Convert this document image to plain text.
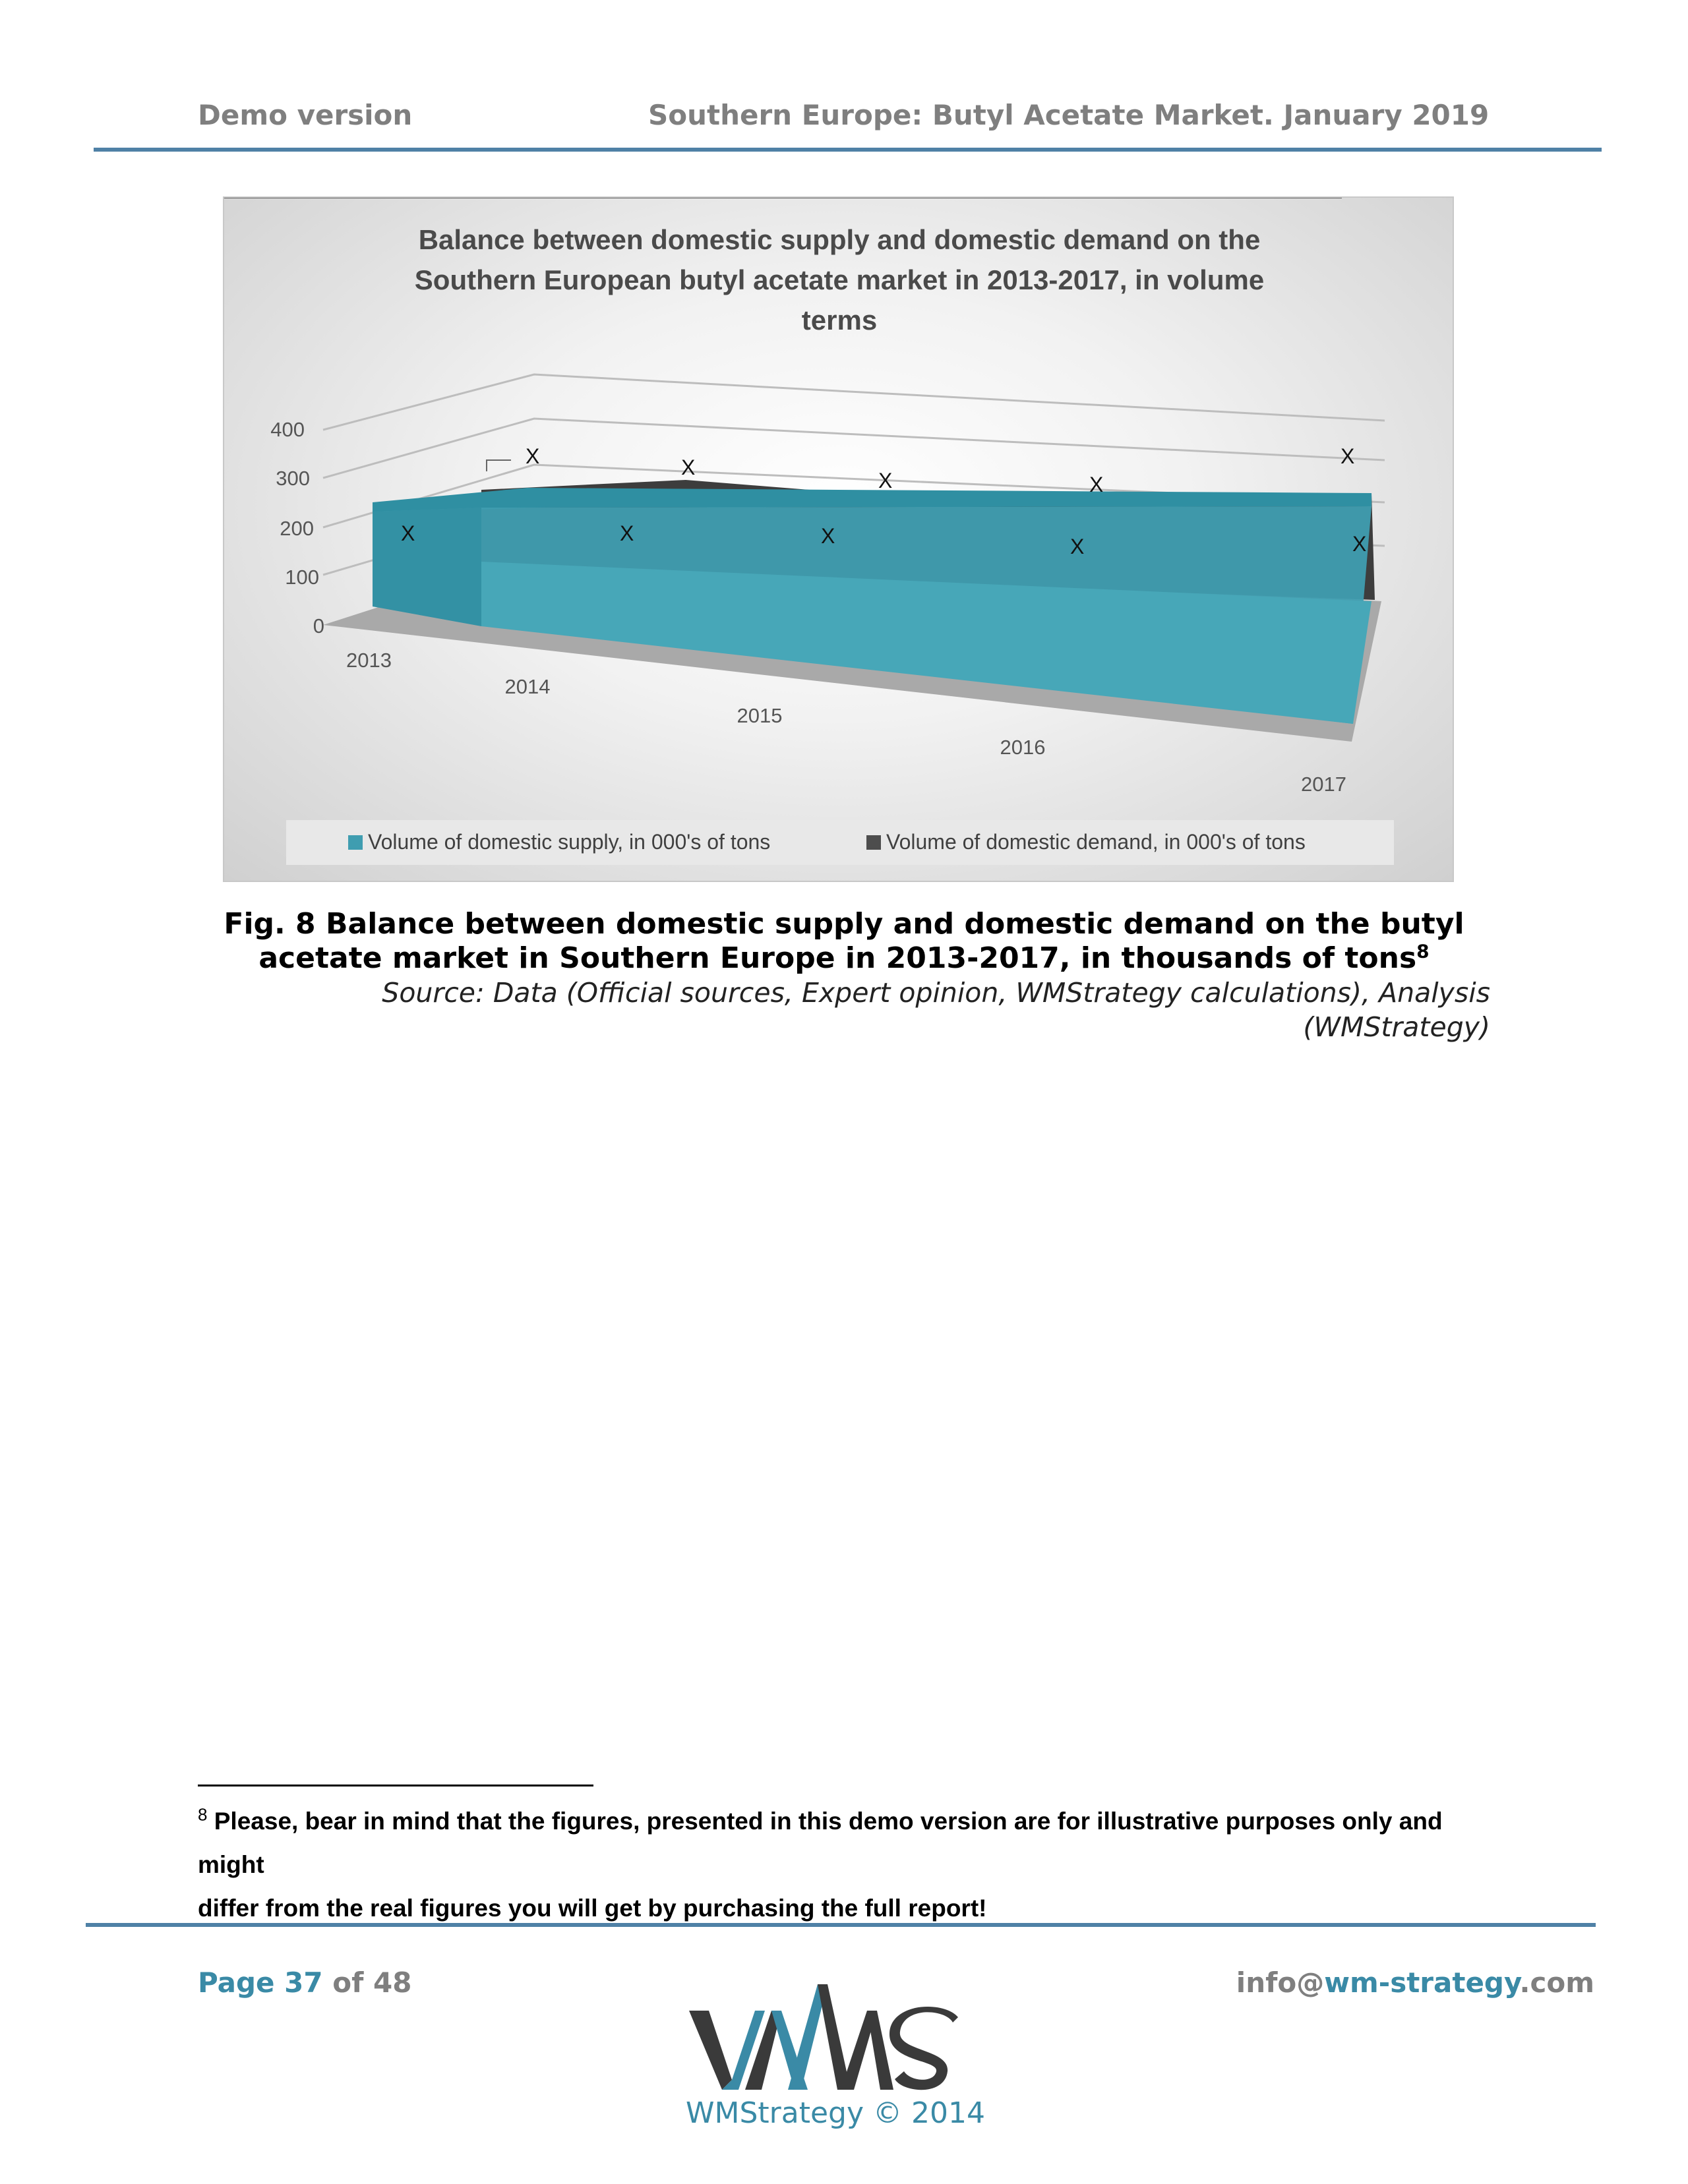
Demo version	Southern Europe: Butyl Acetate Market. January 2019
Balance between domestic supply and domestic demand on the
Southern European butyl acetate market in 2013-2017, in volume
terms
X	X	X	X	X
X	X
X	X
X
400
300
200
100
0
2013
2014
2015
2016
2017
Volume of domestic supply, in 000's of tons	Volume of domestic demand, in 000's of tons
Fig. 8 Balance between domestic supply and domestic demand on the butyl
acetate market in Southern Europe in 2013-2017, in thousands of tons$^8$
Source: Data (Official sources, Expert opinion, WMStrategy calculations), Analysis
(WMStrategy)
$^8$ Please, bear in mind that the figures, presented in this demo version are for illustrative purposes only and might
differ from the real figures you will get by purchasing the full report!
Page 37 of 48	info@wm-strategy.com
WMStrategy © 2014
